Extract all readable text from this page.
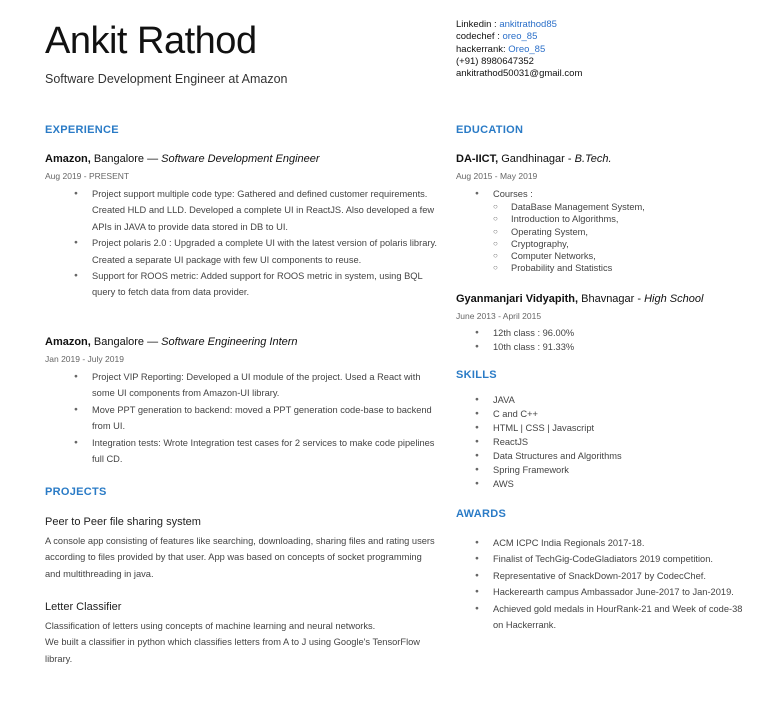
Ankit Rathod
Software Development Engineer at Amazon
Linkedin : ankitrathod85
codechef : oreo_85
hackerrank: Oreo_85
(+91) 8980647352
ankitrathod50031@gmail.com
EXPERIENCE
Amazon, Bangalore — Software Development Engineer
Aug 2019 - PRESENT
● Project support multiple code type: Gathered and defined customer requirements. Created HLD and LLD. Developed a complete UI in ReactJS. Also developed a few APIs in JAVA to provide data stored in DB to UI.
● Project polaris 2.0 : Upgraded a complete UI with the latest version of polaris library. Created a separate UI package with few UI components to reuse.
● Support for ROOS metric: Added support for ROOS metric in system, using BQL query to fetch data from data provider.
Amazon, Bangalore — Software Engineering Intern
Jan 2019 - July 2019
● Project VIP Reporting: Developed a UI module of the project. Used a React with some UI components from Amazon-UI library.
● Move PPT generation to backend: moved a PPT generation code-base to backend from UI.
● Integration tests: Wrote Integration test cases for 2 services to make code pipelines full CD.
PROJECTS
Peer to Peer file sharing system
A console app consisting of features like searching, downloading, sharing files and rating users according to files provided by that user. App was based on concepts of socket programming and multithreading in java.
Letter Classifier
Classification of letters using concepts of machine learning and neural networks.
We built a classifier in python which classifies letters from A to J using Google's TensorFlow library.
EDUCATION
DA-IICT, Gandhinagar - B.Tech.
Aug 2015 - May 2019
● Courses :
○ DataBase Management System,
○ Introduction to Algorithms,
○ Operating System,
○ Cryptography,
○ Computer Networks,
○ Probability and Statistics
Gyanmanjari Vidyapith, Bhavnagar - High School
June 2013 - April 2015
● 12th class : 96.00%
● 10th class : 91.33%
SKILLS
● JAVA
● C and C++
● HTML | CSS | Javascript
● ReactJS
● Data Structures and Algorithms
● Spring Framework
● AWS
AWARDS
● ACM ICPC India Regionals 2017-18.
● Finalist of TechGig-CodeGladiators 2019 competition.
● Representative of SnackDown-2017 by CodecChef.
● Hackerearth campus Ambassador June-2017 to Jan-2019.
● Achieved gold medals in HourRank-21 and Week of code-38 on Hackerrank.
